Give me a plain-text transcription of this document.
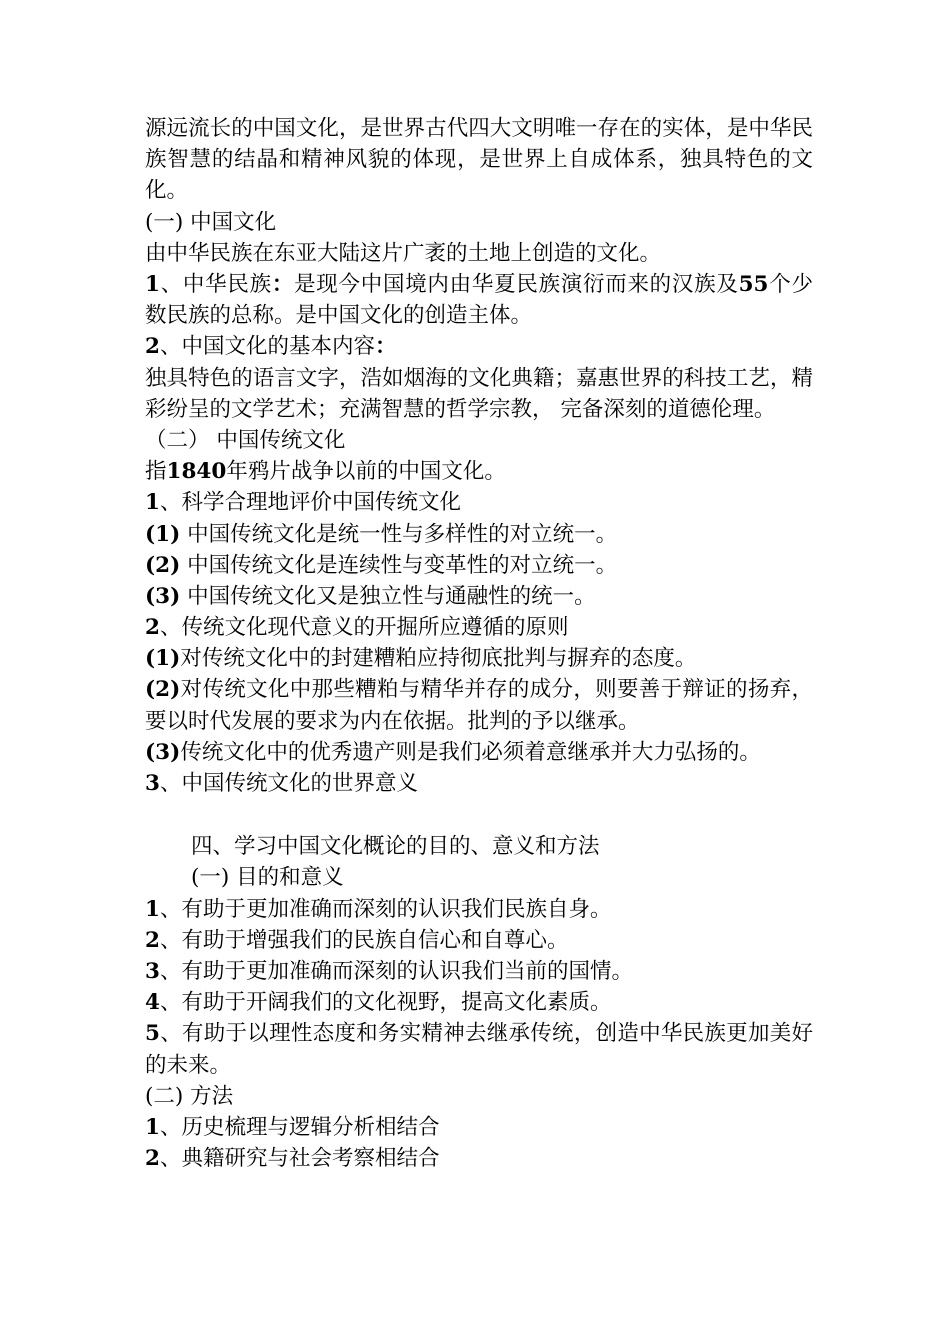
源远流长的中国文化，是世界古代四大文明唯一存在的实体，是中华民族智慧的结晶和精神风貌的体现，是世界上自成体系，独具特色的文化。
(一) 中国文化
由中华民族在东亚大陆这片广袤的土地上创造的文化。
1、中华民族：是现今中国境内由华夏民族演衍而来的汉族及55个少数民族的总称。是中国文化的创造主体。
2、中国文化的基本内容：
独具特色的语言文字，浩如烟海的文化典籍；嘉惠世界的科技工艺，精彩纷呈的文学艺术；充满智慧的哲学宗教， 完备深刻的道德伦理。
（二） 中国传统文化
指1840年鸦片战争以前的中国文化。
1、科学合理地评价中国传统文化
(1) 中国传统文化是统一性与多样性的对立统一。
(2) 中国传统文化是连续性与变革性的对立统一。
(3) 中国传统文化又是独立性与通融性的统一。
2、传统文化现代意义的开掘所应遵循的原则
(1)对传统文化中的封建糟粕应持彻底批判与摒弃的态度。
(2)对传统文化中那些糟粕与精华并存的成分，则要善于辩证的扬弃，要以时代发展的要求为内在依据。批判的予以继承。
(3)传统文化中的优秀遗产则是我们必须着意继承并大力弘扬的。
3、中国传统文化的世界意义
四、学习中国文化概论的目的、意义和方法
(一) 目的和意义
1、有助于更加准确而深刻的认识我们民族自身。
2、有助于增强我们的民族自信心和自尊心。
3、有助于更加准确而深刻的认识我们当前的国情。
4、有助于开阔我们的文化视野，提高文化素质。
5、有助于以理性态度和务实精神去继承传统，创造中华民族更加美好的未来。
(二) 方法
1、历史梳理与逻辑分析相结合
2、典籍研究与社会考察相结合
